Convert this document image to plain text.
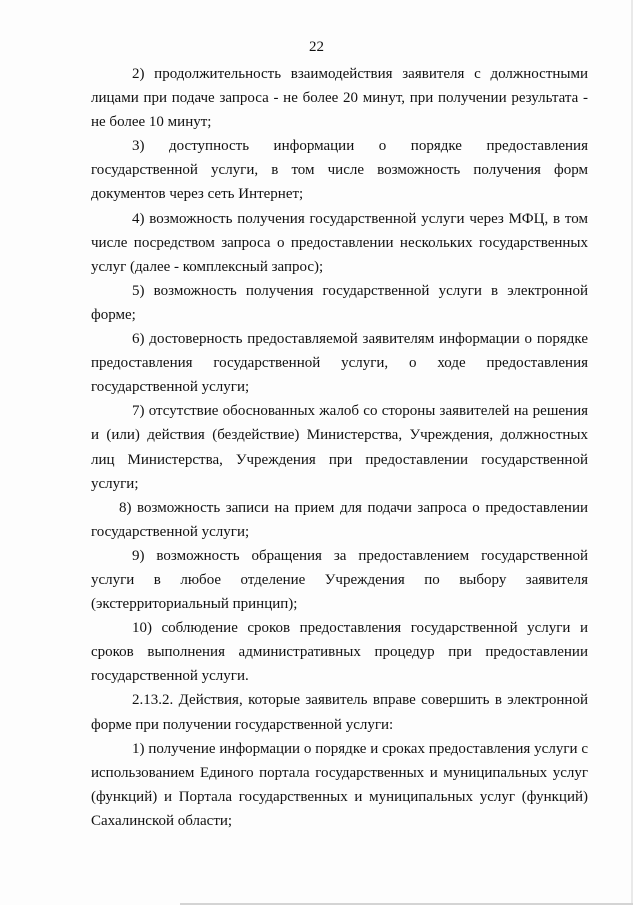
22

2) продолжительность взаимодействия заявителя с должностными лицами при подаче запроса - не более 20 минут, при получении результата - не более 10 минут;

3) доступность информации о порядке предоставления государственной услуги, в том числе возможность получения форм документов через сеть Интернет;

4) возможность получения государственной услуги через МФЦ, в том числе посредством запроса о предоставлении нескольких государственных услуг (далее - комплексный запрос);

5) возможность получения государственной услуги в электронной форме;

6) достоверность предоставляемой заявителям информации о порядке предоставления государственной услуги, о ходе предоставления государственной услуги;

7) отсутствие обоснованных жалоб со стороны заявителей на решения и (или) действия (бездействие) Министерства, Учреждения, должностных лиц Министерства, Учреждения при предоставлении государственной услуги;

8) возможность записи на прием для подачи запроса о предоставлении государственной услуги;

9) возможность обращения за предоставлением государственной услуги в любое отделение Учреждения по выбору заявителя (экстерриториальный принцип);

10) соблюдение сроков предоставления государственной услуги и сроков выполнения административных процедур при предоставлении государственной услуги.

2.13.2. Действия, которые заявитель вправе совершить в электронной форме при получении государственной услуги:

1) получение информации о порядке и сроках предоставления услуги с использованием Единого портала государственных и муниципальных услуг (функций) и Портала государственных и муниципальных услуг (функций) Сахалинской области;
